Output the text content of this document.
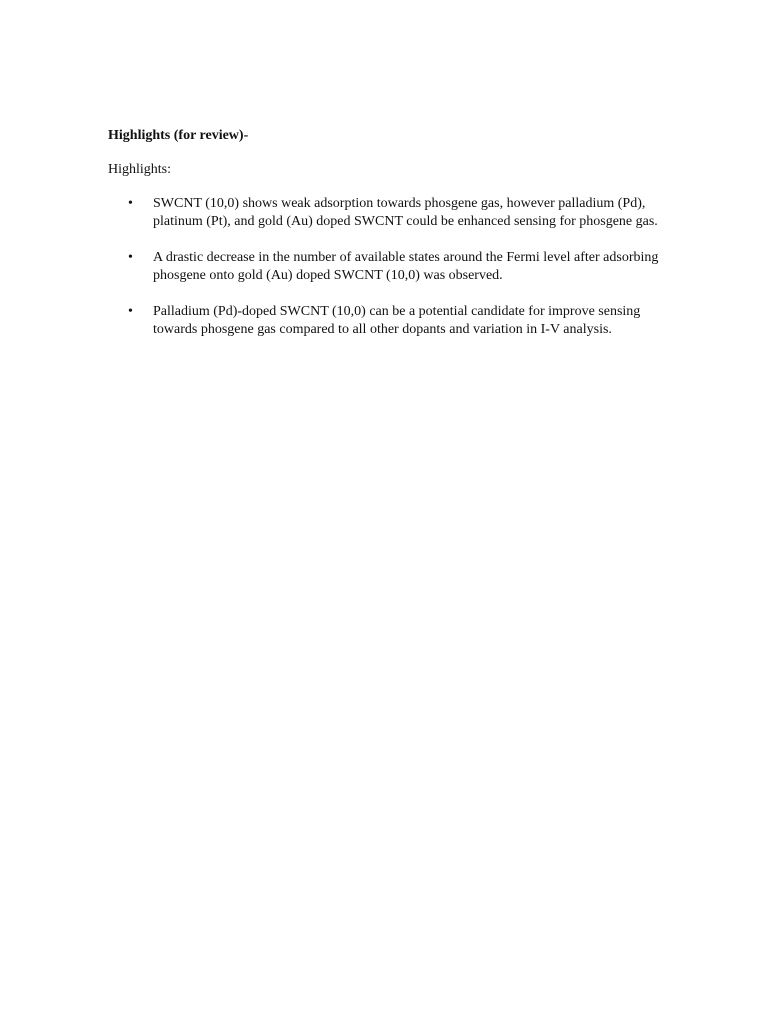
Highlights (for review)-

Highlights:

•	SWCNT (10,0) shows weak adsorption towards phosgene gas, however palladium (Pd), platinum (Pt), and gold (Au) doped SWCNT could be enhanced sensing for phosgene gas.
•	A drastic decrease in the number of available states around the Fermi level after adsorbing phosgene onto gold (Au) doped SWCNT (10,0) was observed.
•	Palladium (Pd)-doped SWCNT (10,0) can be a potential candidate for improve sensing towards phosgene gas compared to all other dopants and variation in I-V analysis.
